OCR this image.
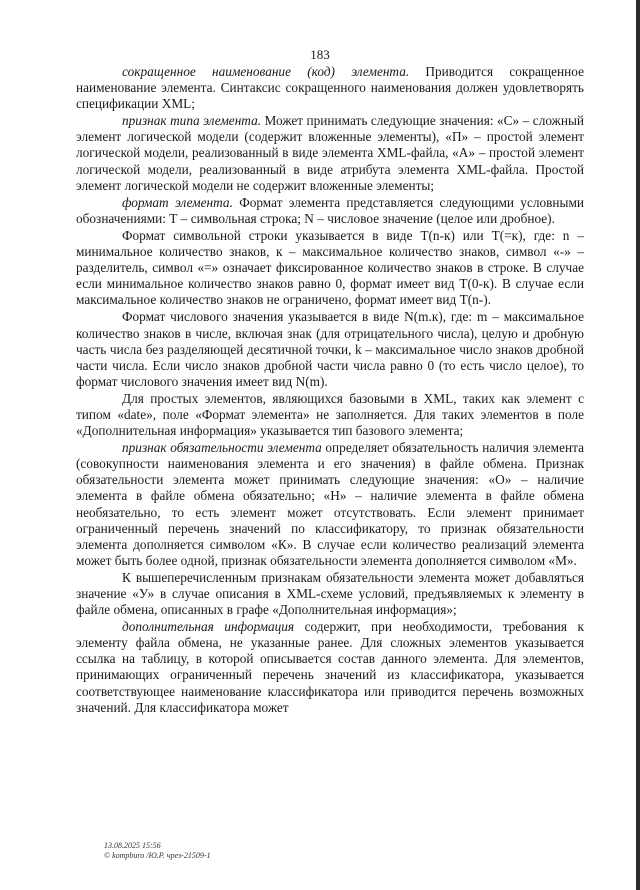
183

сокращенное наименование (код) элемента. Приводится сокращенное наименование элемента. Синтаксис сокращенного наименования должен удовлетворять спецификации XML;

признак типа элемента. Может принимать следующие значения: «С» – сложный элемент логической модели (содержит вложенные элементы), «П» – простой элемент логической модели, реализованный в виде элемента XML-файла, «А» – простой элемент логической модели, реализованный в виде атрибута элемента XML-файла. Простой элемент логической модели не содержит вложенные элементы;

формат элемента. Формат элемента представляется следующими условными обозначениями: Т – символьная строка; N – числовое значение (целое или дробное).

Формат символьной строки указывается в виде Т(n-к) или Т(=к), где: n – минимальное количество знаков, к – максимальное количество знаков, символ «-» – разделитель, символ «=» означает фиксированное количество знаков в строке. В случае если минимальное количество знаков равно 0, формат имеет вид Т(0-к). В случае если максимальное количество знаков не ограничено, формат имеет вид Т(n-).

Формат числового значения указывается в виде N(m.к), где: m – максимальное количество знаков в числе, включая знак (для отрицательного числа), целую и дробную часть числа без разделяющей десятичной точки, k – максимальное число знаков дробной части числа. Если число знаков дробной части числа равно 0 (то есть число целое), то формат числового значения имеет вид N(m).

Для простых элементов, являющихся базовыми в XML, таких как элемент с типом «date», поле «Формат элемента» не заполняется. Для таких элементов в поле «Дополнительная информация» указывается тип базового элемента;

признак обязательности элемента определяет обязательность наличия элемента (совокупности наименования элемента и его значения) в файле обмена. Признак обязательности элемента может принимать следующие значения: «О» – наличие элемента в файле обмена обязательно; «Н» – наличие элемента в файле обмена необязательно, то есть элемент может отсутствовать. Если элемент принимает ограниченный перечень значений по классификатору, то признак обязательности элемента дополняется символом «К». В случае если количество реализаций элемента может быть более одной, признак обязательности элемента дополняется символом «М».

К вышеперечисленным признакам обязательности элемента может добавляться значение «У» в случае описания в XML-схеме условий, предъявляемых к элементу в файле обмена, описанных в графе «Дополнительная информация»;

дополнительная информация содержит, при необходимости, требования к элементу файла обмена, не указанные ранее. Для сложных элементов указывается ссылка на таблицу, в которой описывается состав данного элемента. Для элементов, принимающих ограниченный перечень значений из классификатора, указывается соответствующее наименование классификатора или приводится перечень возможных значений. Для классификатора может

13.08.2025 15:56
© kompburo /Ю.Р. чрез-21509-1
